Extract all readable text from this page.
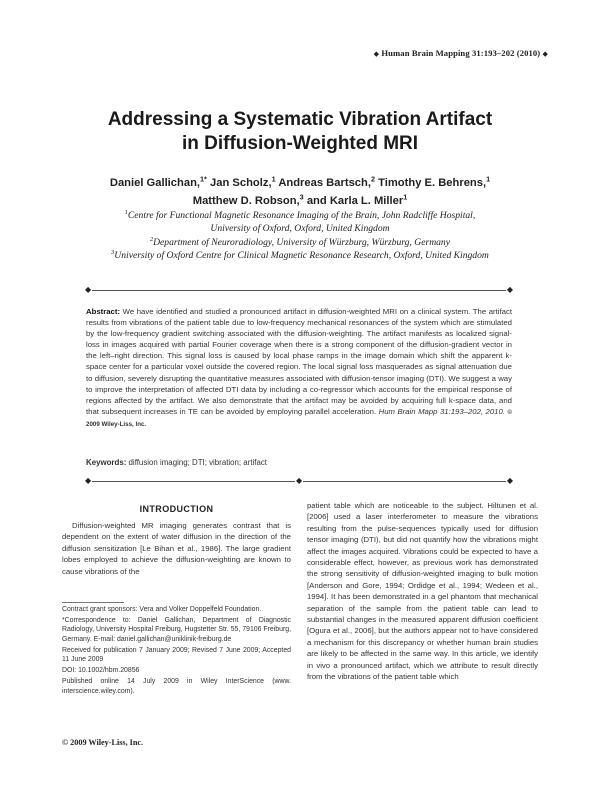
◆ Human Brain Mapping 31:193–202 (2010) ◆
Addressing a Systematic Vibration Artifact
in Diffusion-Weighted MRI
Daniel Gallichan,$^{1*}$ Jan Scholz,$^1$ Andreas Bartsch,$^2$ Timothy E. Behrens,$^1$
Matthew D. Robson,$^3$ and Karla L. Miller$^1$
$^1$Centre for Functional Magnetic Resonance Imaging of the Brain, John Radcliffe Hospital,
University of Oxford, Oxford, United Kingdom
$^2$Department of Neuroradiology, University of Würzburg, Würzburg, Germany
$^3$University of Oxford Centre for Clinical Magnetic Resonance Research, Oxford, United Kingdom
◆	◆
Abstract: We have identified and studied a pronounced artifact in diffusion-weighted MRI on a clinical system. The artifact results from vibrations of the patient table due to low-frequency mechanical resonances of the system which are stimulated by the low-frequency gradient switching associated with the diffusion-weighting. The artifact manifests as localized signal-loss in images acquired with partial Fourier coverage when there is a strong component of the diffusion-gradient vector in the left–right direction. This signal loss is caused by local phase ramps in the image domain which shift the apparent k-space center for a particular voxel outside the covered region. The local signal loss masquerades as signal attenuation due to diffusion, severely disrupting the quantitative measures associated with diffusion-tensor imaging (DTI). We suggest a way to improve the interpretation of affected DTI data by including a co-regressor which accounts for the empirical response of regions affected by the artifact. We also demonstrate that the artifact may be avoided by acquiring full k-space data, and that subsequent increases in TE can be avoided by employing parallel acceleration. Hum Brain Mapp 31:193–202, 2010. © 2009 Wiley-Liss, Inc.
Keywords: diffusion imaging; DTI; vibration; artifact
◆	◆	◆
INTRODUCTION

Diffusion-weighted MR imaging generates contrast that is dependent on the extent of water diffusion in the direction of the diffusion sensitization [Le Bihan et al., 1986]. The large gradient lobes employed to achieve the diffusion-weighting are known to cause vibrations of the

patient table which are noticeable to the subject. Hiltunen et al. [2006] used a laser interferometer to measure the vibrations resulting from the pulse-sequences typically used for diffusion tensor imaging (DTI), but did not quantify how the vibrations might affect the images acquired. Vibrations could be expected to have a considerable effect, however, as previous work has demonstrated the strong sensitivity of diffusion-weighted imaging to bulk motion [Anderson and Gore, 1994; Ordidge et al., 1994; Wedeen et al., 1994]. It has been demonstrated in a gel phantom that mechanical separation of the sample from the patient table can lead to substantial changes in the measured apparent diffusion coefficient [Ogura et al., 2006], but the authors appear not to have considered a mechanism for this discrepancy or whether human brain studies are likely to be affected in the same way. In this article, we identify in vivo a pronounced artifact, which we attribute to result directly from the vibrations of the patient table which

Contract grant sponsors: Vera and Volker Doppelfeld Foundation.

*Correspondence to: Daniel Gallichan, Department of Diagnostic Radiology, University Hospital Freiburg, Hugstetter Str. 55, 79106 Freiburg, Germany. E-mail: daniel.gallichan@uniklinik-freiburg.de

Received for publication 7 January 2009; Revised 7 June 2009; Accepted 11 June 2009

DOI: 10.1002/hbm.20856

Published online 14 July 2009 in Wiley InterScience (www. interscience.wiley.com).

© 2009 Wiley-Liss, Inc.
